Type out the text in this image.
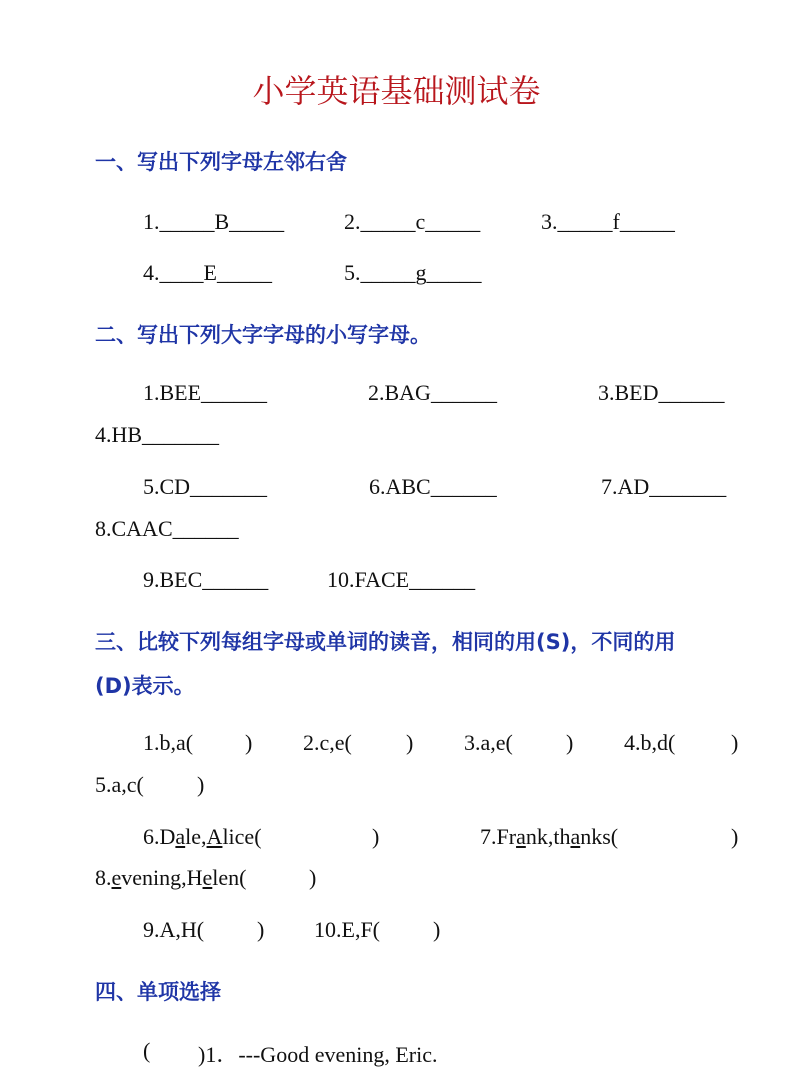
小学英语基础测试卷
一、写出下列字母左邻右舍
1._____B_____	2._____c_____	3._____f_____
4.____E_____	5._____g_____
二、写出下列大字字母的小写字母。
1.BEE______	2.BAG______	3.BED______
4.HB_______
5.CD_______	6.ABC______	7.AD_______
8.CAAC______
9.BEC______	10.FACE______
三、比较下列每组字母或单词的读音，相同的用(S)，不同的用
(D)表示。
1.b,a( ) 2.c,e( ) 3.a,e( ) 4.b,d(	)
5.a,c( )
6.Dale,Alice(	)	7.Frank,thanks(	)
8.evening,Helen(	)
9.A,H( ) 10.E,F( )
四、单项选择
( )1．---Good evening, Eric.
